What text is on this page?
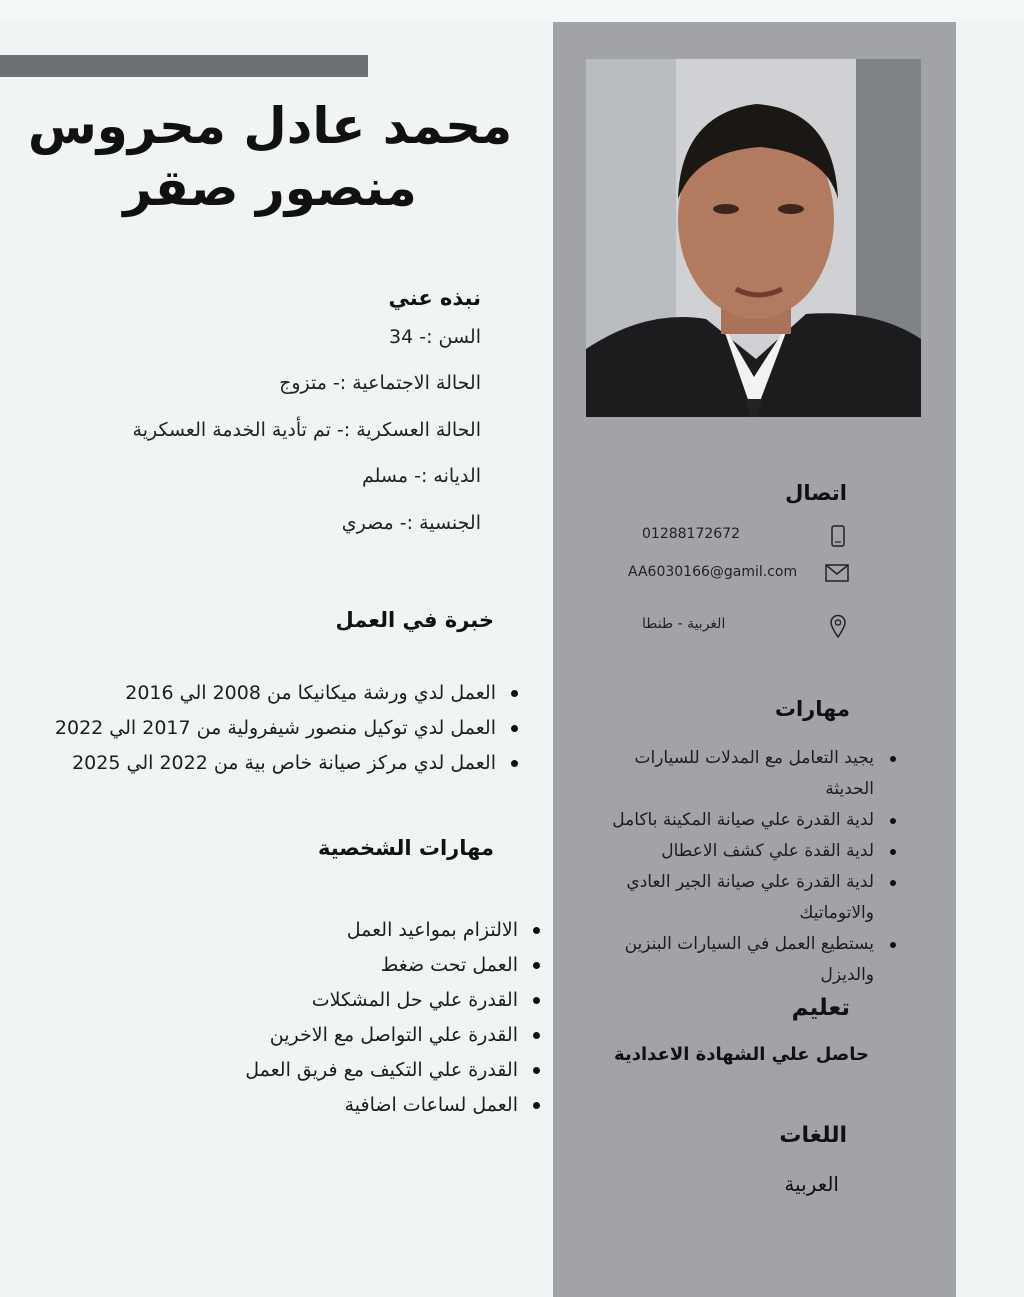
محمد عادل محروس
منصور صقر
نبذه عني
السن :- 34
الحالة الاجتماعية :- متزوج
الحالة العسكرية :- تم تأدية الخدمة العسكرية
الديانه :- مسلم
الجنسية :- مصري
خبرة في العمل
العمل لدي ورشة ميكانيكا من 2008 الي 2016
العمل لدي توكيل منصور شيفرولية من 2017 الي 2022
العمل لدي مركز صيانة خاص بية من 2022 الي 2025
مهارات الشخصية
الالتزام بمواعيد العمل
العمل تحت ضغط
القدرة علي حل المشكلات
القدرة علي التواصل مع الاخرين
القدرة علي التكيف مع فريق العمل
العمل لساعات اضافية
اتصال
01288172672
AA6030166@gamil.com
الغربية - طنطا
مهارات
يجيد التعامل مع المدلات للسيارات الحديثة
لدية القدرة علي صيانة المكينة باكامل
لدية القدة علي كشف الاعطال
لدية القدرة علي صيانة الجير العادي والاتوماتيك
يستطيع العمل في السيارات البنزين والديزل
تعليم
حاصل علي الشهادة الاعدادية
اللغات
العربية
